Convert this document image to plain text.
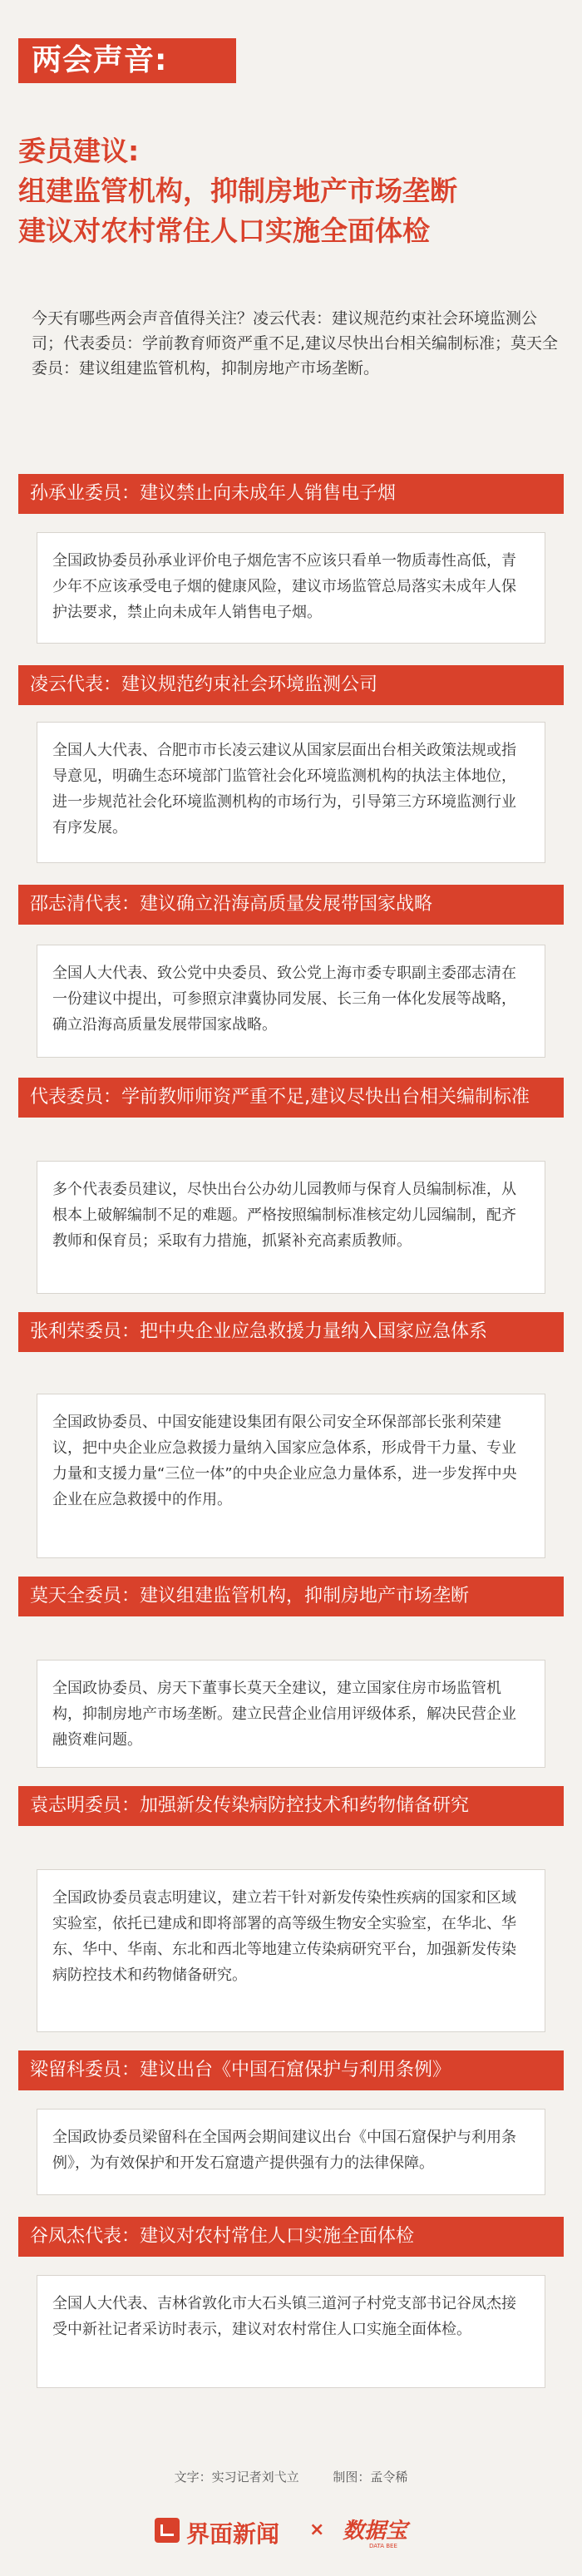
两会声音:
委员建议:
组建监管机构，抑制房地产市场垄断
建议对农村常住人口实施全面体检
今天有哪些两会声音值得关注？凌云代表：建议规范约束社会环境监测公司；代表委员：学前教育师资严重不足,建议尽快出台相关编制标准；莫天全委员：建议组建监管机构，抑制房地产市场垄断。
孙承业委员：建议禁止向未成年人销售电子烟
全国政协委员孙承业评价电子烟危害不应该只看单一物质毒性高低，青少年不应该承受电子烟的健康风险，建议市场监管总局落实未成年人保护法要求，禁止向未成年人销售电子烟。
凌云代表：建议规范约束社会环境监测公司
全国人大代表、合肥市市长凌云建议从国家层面出台相关政策法规或指导意见，明确生态环境部门监管社会化环境监测机构的执法主体地位，进一步规范社会化环境监测机构的市场行为，引导第三方环境监测行业有序发展。
邵志清代表：建议确立沿海高质量发展带国家战略
全国人大代表、致公党中央委员、致公党上海市委专职副主委邵志清在一份建议中提出，可参照京津冀协同发展、长三角一体化发展等战略，确立沿海高质量发展带国家战略。
代表委员：学前教师师资严重不足,建议尽快出台相关编制标准
多个代表委员建议，尽快出台公办幼儿园教师与保育人员编制标准，从根本上破解编制不足的难题。严格按照编制标准核定幼儿园编制，配齐教师和保育员；采取有力措施，抓紧补充高素质教师。
张利荣委员：把中央企业应急救援力量纳入国家应急体系
全国政协委员、中国安能建设集团有限公司安全环保部部长张利荣建议，把中央企业应急救援力量纳入国家应急体系，形成骨干力量、专业力量和支援力量“三位一体”的中央企业应急力量体系，进一步发挥中央企业在应急救援中的作用。
莫天全委员：建议组建监管机构，抑制房地产市场垄断
全国政协委员、房天下董事长莫天全建议，建立国家住房市场监管机构，抑制房地产市场垄断。建立民营企业信用评级体系，解决民营企业融资难问题。
袁志明委员：加强新发传染病防控技术和药物储备研究
全国政协委员袁志明建议，建立若干针对新发传染性疾病的国家和区域实验室，依托已建成和即将部署的高等级生物安全实验室，在华北、华东、华中、华南、东北和西北等地建立传染病研究平台，加强新发传染病防控技术和药物储备研究。
梁留科委员：建议出台《中国石窟保护与利用条例》
全国政协委员梁留科在全国两会期间建议出台《中国石窟保护与利用条例》，为有效保护和开发石窟遗产提供强有力的法律保障。
谷凤杰代表：建议对农村常住人口实施全面体检
全国人大代表、吉林省敦化市大石头镇三道河子村党支部书记谷凤杰接受中新社记者采访时表示，建议对农村常住人口实施全面体检。
文字：实习记者刘弋立	制图：孟令稀
界面新闻 × 数据宝
DATA BEE
